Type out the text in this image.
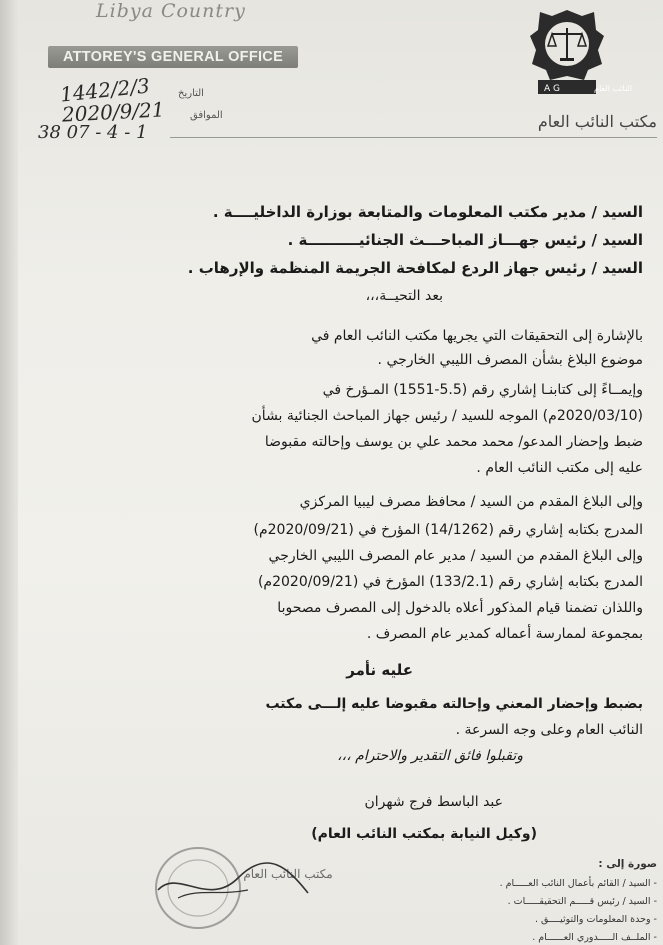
Libya Country
ATTOREY'S GENERAL OFFICE
A G	النائب العام
مكتب النائب العام
التاريخ
الموافق
1442/2/3
2020/9/21
38 07 - 4 - 1
السيد / مدير مكتب المعلومات والمتابعة بوزارة الداخليــــة .
السيد / رئيس جهـــاز المباحـــث الجنائيــــــــــة .
السيد / رئيس جهاز الردع لمكافحة الجريمة المنظمة والإرهاب .
بعد التحيــة،،،
بالإشارة إلى التحقيقات التي يجريها مكتب النائب العام في
موضوع البلاغ بشأن المصرف الليبي الخارجي .
وإيمــاءً إلى كتابنـا إشاري رقم (5.5-1551) المـؤرخ في
(2020/03/10م) الموجه للسيد / رئيس جهاز المباحث الجنائية بشأن
ضبط وإحضار المدعو/ محمد محمد علي بن يوسف وإحالته مقبوضا
عليه إلى مكتب النائب العام .
وإلى البلاغ المقدم من السيد / محافظ مصرف ليبيا المركزي
المدرج بكتابه إشاري رقم (14/1262) المؤرخ في (2020/09/21م)
وإلى البلاغ المقدم من السيد / مدير عام المصرف الليبي الخارجي
المدرج بكتابه إشاري رقم (133/2.1) المؤرخ في (2020/09/21م)
واللذان تضمنا قيام المذكور أعلاه بالدخول إلى المصرف مصحوبا
بمجموعة لممارسة أعماله كمدير عام المصرف .
عليه نأمر
بضبط وإحضار المعني وإحالته مقبوضا عليه إلـــى مكتب
النائب العام وعلى وجه السرعة .
وتقبلوا فائق التقدير والاحترام ،،،
عبد الباسط فرج شهران
(وكيل النيابة بمكتب النائب العام)
مكتب النائب العام
صورة إلى :
- السيد / القائم بأعمال النائب العـــــام .
- السيد / رئيس قـــــم التحقيقـــــات .
- وحدة المعلومات والتوثيــــق .
- الملــف الـــــدوري العــــــام .
